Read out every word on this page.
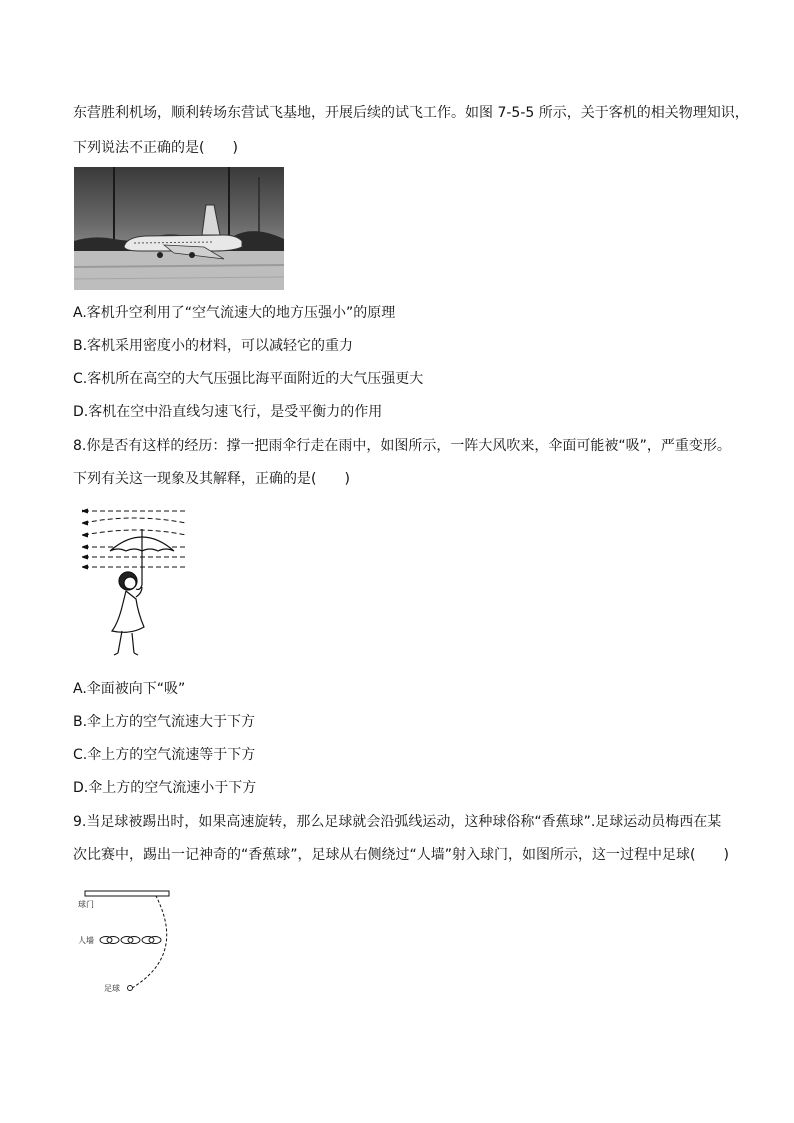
东营胜利机场，顺利转场东营试飞基地，开展后续的试飞工作。如图 7-5-5 所示，关于客机的相关物理知识，
下列说法不正确的是(　　)
A.客机升空利用了“空气流速大的地方压强小”的原理
B.客机采用密度小的材料，可以减轻它的重力
C.客机所在高空的大气压强比海平面附近的大气压强更大
D.客机在空中沿直线匀速飞行，是受平衡力的作用
8.你是否有这样的经历：撑一把雨伞行走在雨中，如图所示，一阵大风吹来，伞面可能被“吸”，严重变形。
下列有关这一现象及其解释，正确的是(　　)
A.伞面被向下“吸”
B.伞上方的空气流速大于下方
C.伞上方的空气流速等于下方
D.伞上方的空气流速小于下方
9.当足球被踢出时，如果高速旋转，那么足球就会沿弧线运动，这种球俗称“香蕉球”.足球运动员梅西在某
次比赛中，踢出一记神奇的“香蕉球”，足球从右侧绕过“人墙”射入球门，如图所示，这一过程中足球(　　)
球门
人墙
足球
